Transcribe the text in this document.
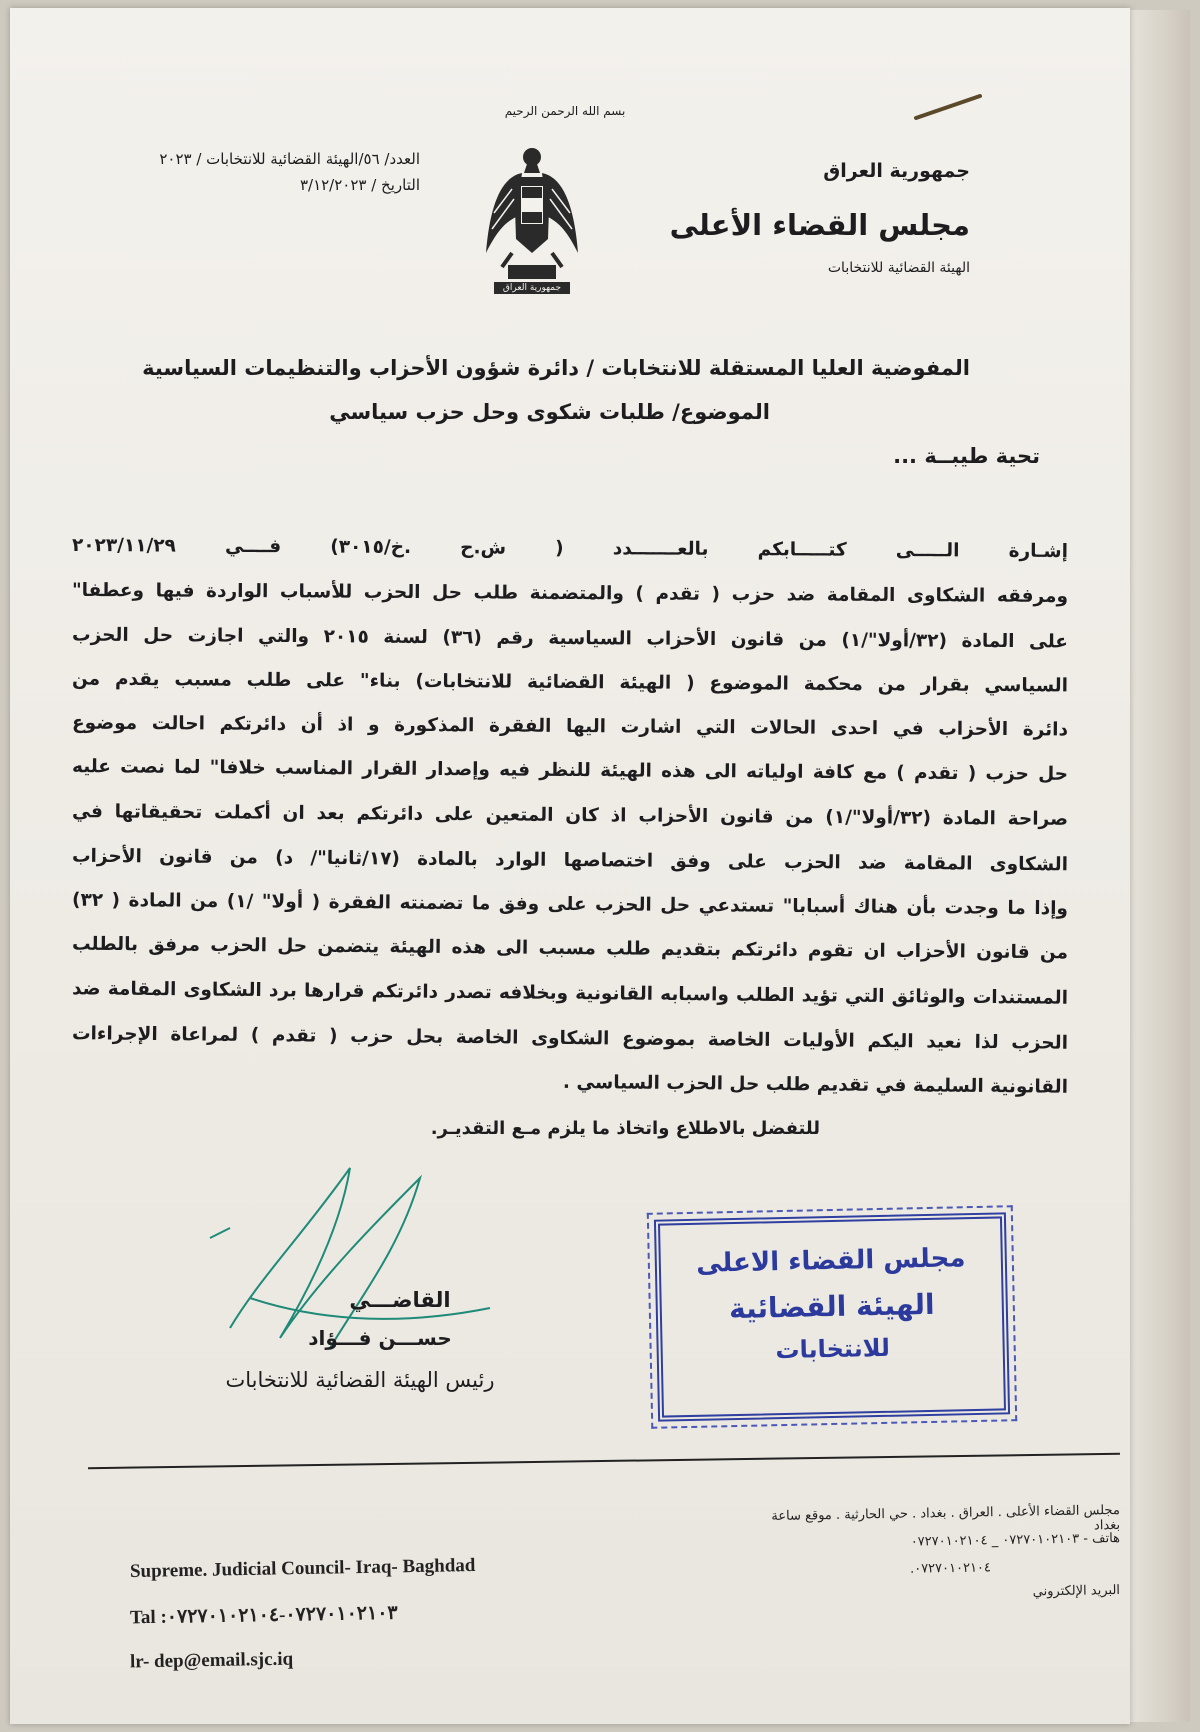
بسم الله الرحمن الرحيم
العدد/ ٥٦/الهيئة القضائية للانتخابات / ٢٠٢٣
التاريخ / ٣/١٢/٢٠٢٣
جمهورية العراق
جمهورية العراق
مجلس القضاء الأعلى
الهيئة القضائية للانتخابات
المفوضية العليا المستقلة للانتخابات / دائرة شؤون الأحزاب والتنظيمات السياسية
الموضوع/ طلبات شكوى وحل حزب سياسي
تحية طيبــة ...
إشـارة الـــــى كتـــــابكم بالعـــــــدد ( ش.ح .خ/٣٠١٥) فــــي ٢٠٢٣/١١/٢٩
ومرفقه الشكاوى المقامة ضد حزب ( تقدم ) والمتضمنة طلب حل الحزب للأسباب الواردة فيها وعطفا"
على المادة (٣٢/أولا"/١) من قانون الأحزاب السياسية رقم (٣٦) لسنة ٢٠١٥ والتي اجازت حل الحزب
السياسي بقرار من محكمة الموضوع ( الهيئة القضائية للانتخابات) بناء" على طلب مسبب يقدم من
دائرة الأحزاب في احدى الحالات التي اشارت اليها الفقرة المذكورة و اذ أن دائرتكم احالت موضوع
حل حزب ( تقدم ) مع كافة اولياته الى هذه الهيئة للنظر فيه وإصدار القرار المناسب خلافا" لما نصت عليه
صراحة المادة (٣٢/أولا"/١) من قانون الأحزاب اذ كان المتعين على دائرتكم بعد ان أكملت تحقيقاتها في
الشكاوى المقامة ضد الحزب على وفق اختصاصها الوارد بالمادة (١٧/ثانيا"/ د) من قانون الأحزاب
وإذا ما وجدت بأن هناك أسبابا" تستدعي حل الحزب على وفق ما تضمنته الفقرة ( أولا" /١) من المادة ( ٣٢)
من قانون الأحزاب ان تقوم دائرتكم بتقديم طلب مسبب الى هذه الهيئة يتضمن حل الحزب مرفق بالطلب
المستندات والوثائق التي تؤيد الطلب واسبابه القانونية وبخلافه تصدر دائرتكم قرارها برد الشكاوى المقامة ضد
الحزب لذا نعيد اليكم الأوليات الخاصة بموضوع الشكاوى الخاصة بحل حزب ( تقدم ) لمراعاة الإجراءات
القانونية السليمة في تقديم طلب حل الحزب السياسي .
للتفضل بالاطلاع واتخاذ ما يلزم مـع التقديـر.
القاضـــي
حســـن فـــؤاد
رئيس الهيئة القضائية للانتخابات
مجلس القضاء الاعلى
الهيئة القضائية
للانتخابات
Supreme. Judicial Council- Iraq- Baghdad
Tal :٠٧٢٧٠١٠٢١٠٣-٠٧٢٧٠١٠٢١٠٤
lr- dep@email.sjc.iq
مجلس القضاء الأعلى . العراق . بغداد . حي الحارثية . موقع ساعة بغداد
هاتف - ٠٧٢٧٠١٠٢١٠٣ _ ٠٧٢٧٠١٠٢١٠٤
٠٧٢٧٠١٠٢١٠٤.
البريد الإلكتروني
